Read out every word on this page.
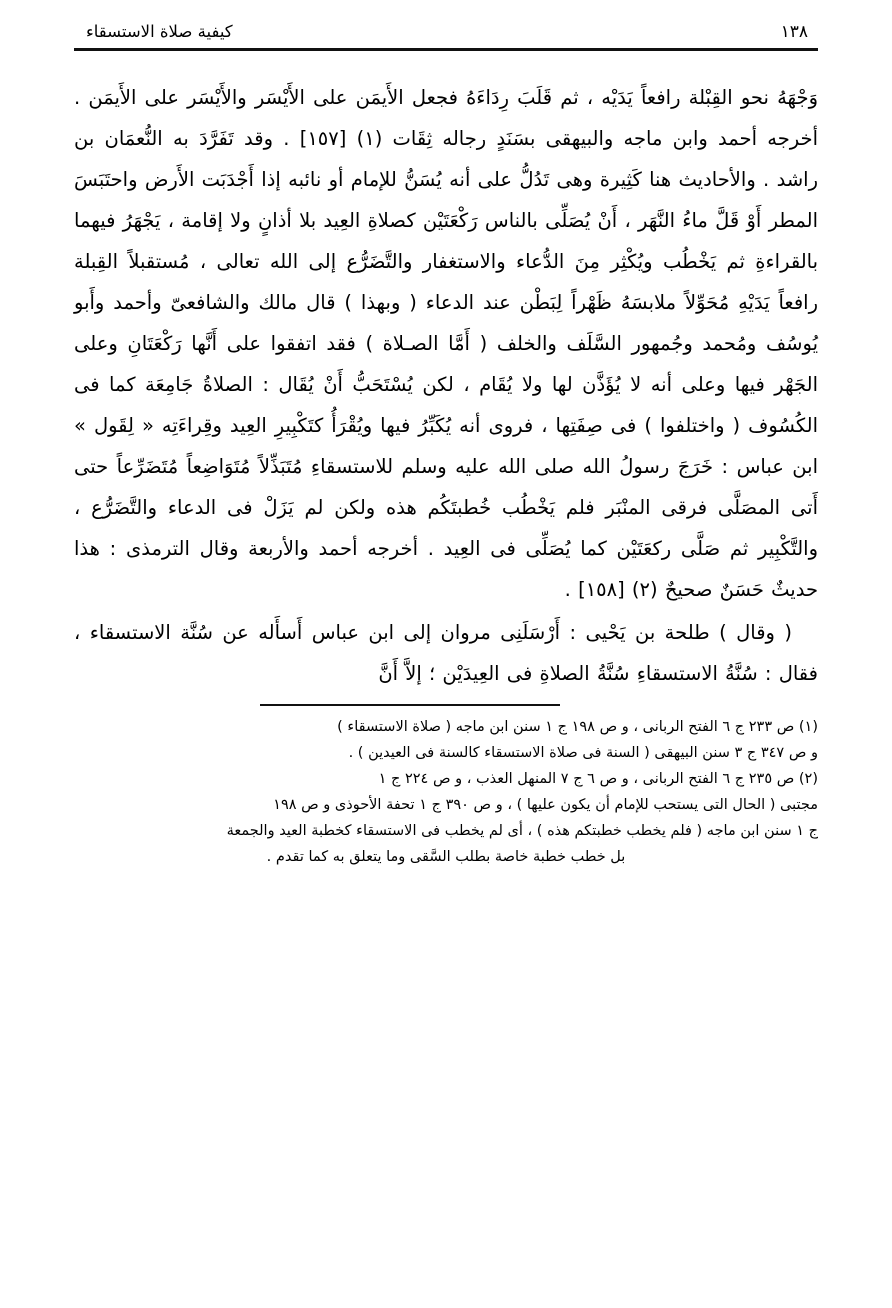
كيفية صلاة الاستسقاء	١٣٨

وَجْهَهُ نحو القِبْلة رافعاً يَدَيْه ، ثم قَلَبَ رِدَاءَهُ فجعل الأَيمَن على الأَيْسَر والأَيْسَر على الأَيمَن . أخرجه أحمد وابن ماجه والبيهقى بسَنَدٍ رجاله ثِقَات (١) [١٥٧] . وقد تَفَرَّدَ به النُّعمَان بن راشد . والأحاديث هنا كَثِيرة وهى تَدُلُّ على أنه يُسَنُّ للإمام أو نائبه إذا أَجْدَبَت الأَرض واحتَبَسَ المطر أَوْ قَلَّ ماءُ النَّهَر ، أَنْ يُصَلِّى بالناس رَكْعَتَيْن كصلاةِ العِيد بلا أذانٍ ولا إقامة ، يَجْهَرُ فيهما بالقراءةِ ثم يَخْطُب ويُكْثِر مِنَ الدُّعاء والاستغفار والتَّضَرُّع إلى الله تعالى ، مُستقبلاً القِبلة رافعاً يَدَيْهِ مُحَوِّلاً ملابسَهُ ظَهْراً لِبَطْن عند الدعاء ( وبهذا ) قال مالك والشافعىّ وأحمد وأَبو يُوسُف ومُحمد وجُمهور السَّلَف والخلف ( أَمَّا الصـلاة ) فقد اتفقوا على أَنَّها رَكْعَتَانِ وعلى الجَهْر فيها وعلى أنه لا يُؤَذَّن لها ولا يُقَام ، لكن يُسْتَحَبُّ أَنْ يُقَال : الصلاةُ جَامِعَة كما فى الكُسُوف ( واختلفوا ) فى صِفَتِها ، فروى أنه يُكَبِّرُ فيها ويُقْرَأُ كتَكْبِيرِ العِيد وقِراءَتِه « لِقَول » ابن عباس : خَرَجَ رسولُ الله صلى الله عليه وسلم للاستسقاءِ مُتَبَذِّلاً مُتَوَاضِعاً مُتَضَرِّعاً حتى أَتى المصَلَّى فرقى المنْبَر فلم يَخْطُب خُطبتَكُم هذه ولكن لم يَزَلْ فى الدعاء والتَّضَرُّع ، والتَّكْبِير ثم صَلَّى ركعَتَيْن كما يُصَلِّى فى العِيد . أخرجه أحمد والأربعة وقال الترمذى : هذا حديثٌ حَسَنٌ صحيحٌ (٢) [١٥٨] .

( وقال ) طلحة بن يَحْيى : أَرْسَلَنِى مروان إلى ابن عباس أَسأَله عن سُنَّة الاستسقاء ، فقال : سُنَّةُ الاستسقاءِ سُنَّةُ الصلاةِ فى العِيدَيْن ؛ إلاَّ أَنَّ

(١) ص ٢٣٣ ج ٦ الفتح الربانى ، و ص ١٩٨ ج ١ سنن ابن ماجه ( صلاة الاستسقاء )

و ص ٣٤٧ ج ٣ سنن البيهقى ( السنة فى صلاة الاستسقاء كالسنة فى العيدين ) .

(٢) ص ٢٣٥ ج ٦ الفتح الربانى ، و ص ٦ ج ٧ المنهل العذب ، و ص ٢٢٤ ج ١

مجتبى ( الحال التى يستحب للإمام أن يكون عليها ) ، و ص ٣٩٠ ج ١ تحفة الأحوذى و ص ١٩٨

ج ١ سنن ابن ماجه ( فلم يخطب خطبتكم هذه ) ، أى لم يخطب فى الاستسقاء كخطبة العيد والجمعة

بل خطب خطبة خاصة بطلب السَّقى وما يتعلق به كما تقدم .
